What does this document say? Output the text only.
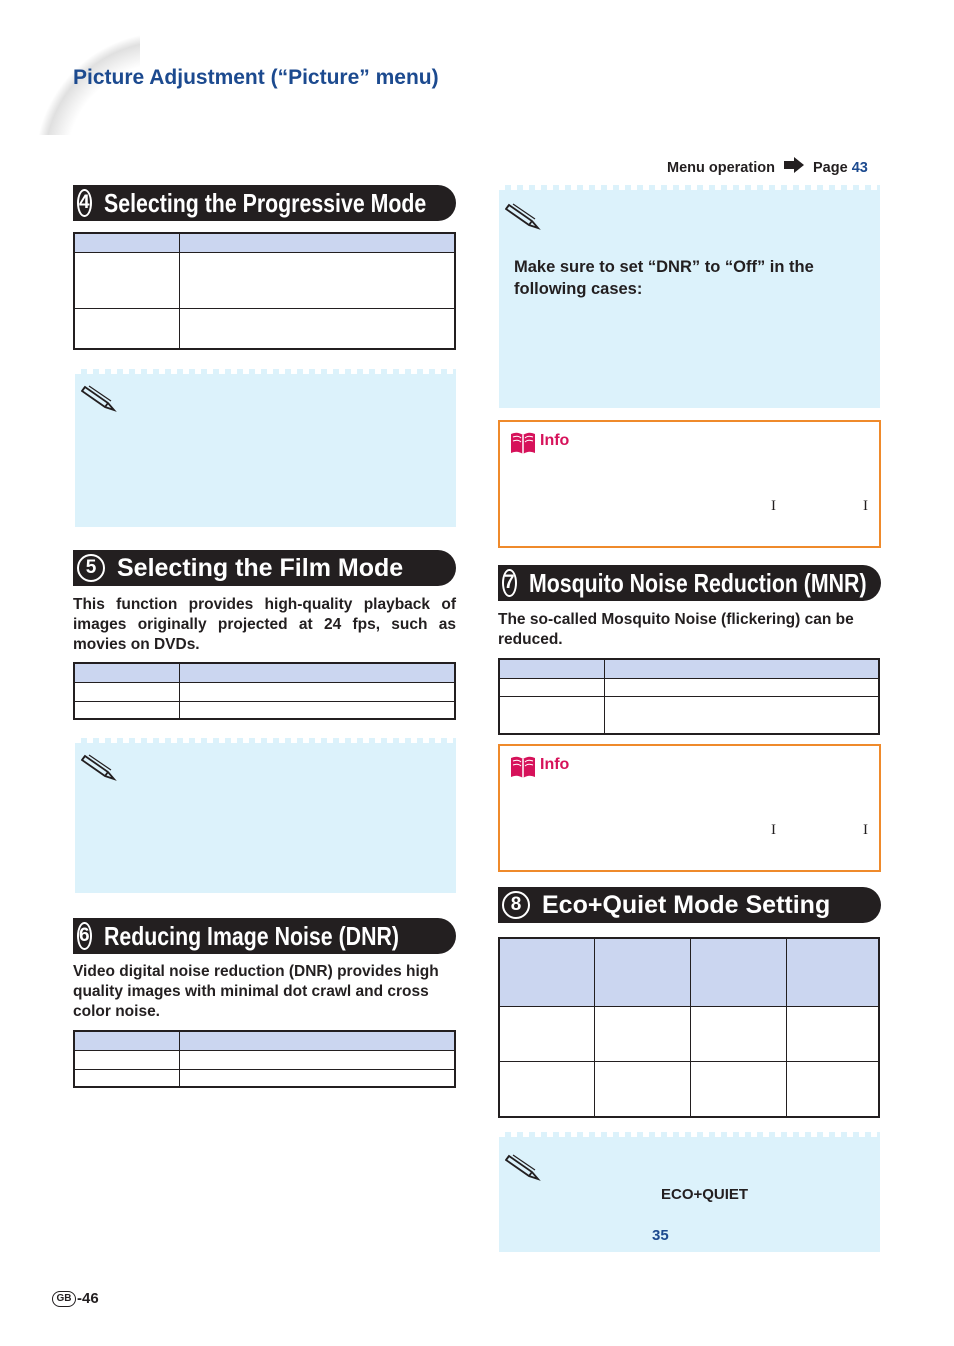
Picture Adjustment (“Picture” menu)
Menu operation	Page 43
4 Selecting the Progressive Mode

5 Selecting the Film Mode
This function provides high-quality playback of images originally projected at 24 fps, such as movies on DVDs.

6 Reducing Image Noise (DNR)
Video digital noise reduction (DNR) provides high quality images with minimal dot crawl and cross color noise.

Make sure to set “DNR” to “Off” in the following cases:
Info
I	I
7 Mosquito Noise Reduction (MNR)
The so-called Mosquito Noise (flickering) can be reduced.

Info
I	I
8 Eco+Quiet Mode Setting

ECO+QUIET
35
GB -46
